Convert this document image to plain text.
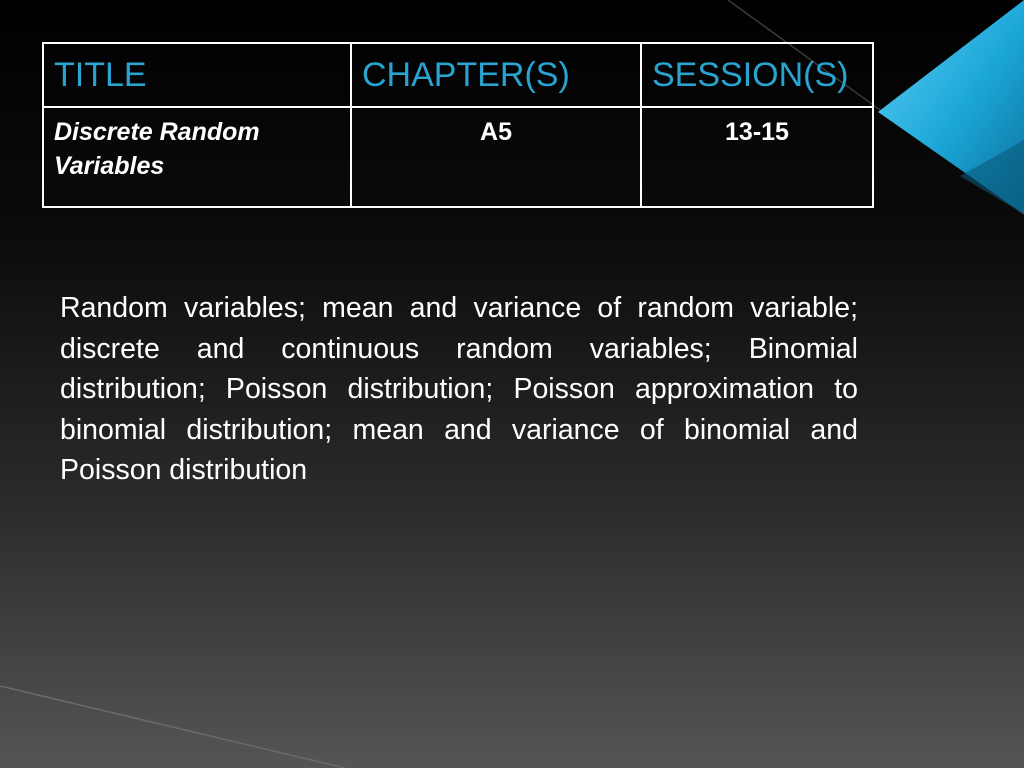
TITLE	CHAPTER(S)	SESSION(S)
Discrete Random Variables	A5	13-15

Random variables; mean and variance of random variable; discrete and continuous random variables; Binomial distribution; Poisson distribution; Poisson approximation to binomial distribution; mean and variance of binomial and Poisson distribution
